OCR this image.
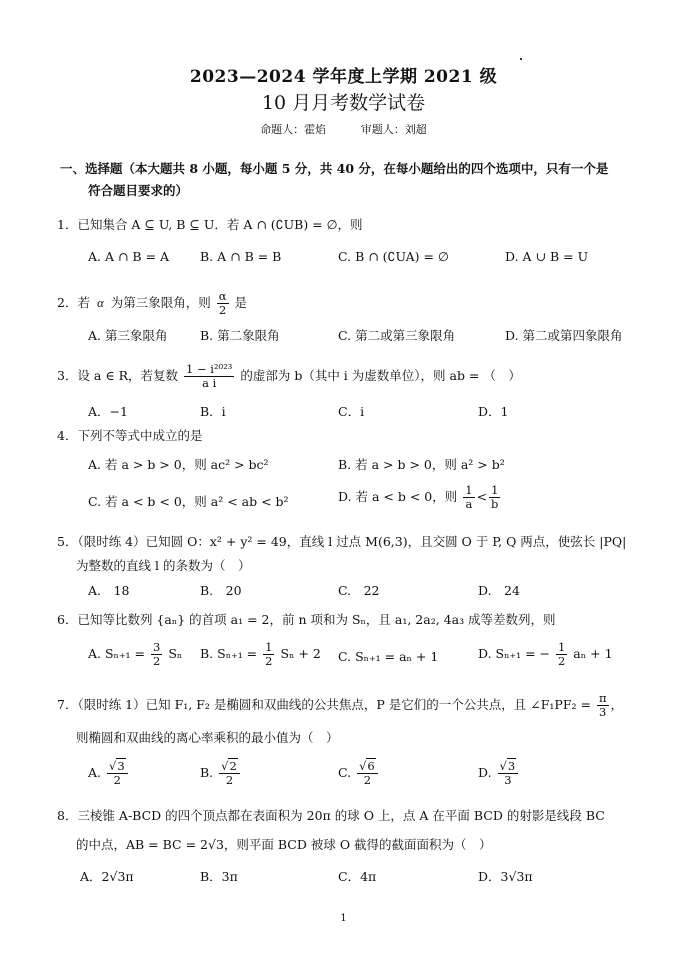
2023—2024 学年度上学期 2021 级
10 月月考数学试卷
命题人：霍焰	审题人：刘超
一、选择题（本大题共 8 小题，每小题 5 分，共 40 分，在每小题给出的四个选项中，只有一个是
符合题目要求的）
1．已知集合 A ⊆ U, B ⊆ U．若 A ∩ (∁UB) = ∅，则
A. A ∩ B = A B. A ∩ B = B	C. B ∩ (∁UA) = ∅	D. A ∪ B = U
2．若  α  为第三象限角，则 $\frac{\alpha}{2}$ 是
A. 第三象限角	B. 第二象限角	C. 第二或第三象限角	D. 第二或第四象限角
3．设 a ∈ R，若复数 $\frac{\text{1 − i²⁰²³}}{\text{a i}}$ 的虚部为 b（其中 i 为虚数单位），则 ab = （　）
A．−1	B．i	C．i	D．1
4．下列不等式中成立的是
A. 若 a > b > 0，则 ac² > bc²	B. 若 a > b > 0，则 a² > b²
C. 若 a < b < 0，则 a² < ab < b²	D. 若 a < b < 0，则 $\frac{1}{a} < \frac{1}{b}$
5．（限时练 4）已知圆 O：x² + y² = 49，直线 l 过点 M(6,3)，且交圆 O 于 P, Q 两点，使弦长 |PQ|
为整数的直线 l 的条数为（　）
A.　18	B.　20	C.　22	D.　24
6．已知等比数列 {aₙ} 的首项 a₁ = 2，前 n 项和为 Sₙ，且 a₁, 2a₂, 4a₃ 成等差数列，则
A. $S_{n+1} = \frac{3}{2}$ Sₙ B. $S_{n+1} = \frac{1}{2}$ Sₙ + 2 C. Sₙ₊₁ = aₙ + 1	D. Sₙ₊₁ = − $\frac{1}{2}$ aₙ + 1
7．（限时练 1）已知 F₁, F₂ 是椭圆和双曲线的公共焦点，P 是它们的一个公共点，且 ∠F₁PF₂ = $\frac{\pi}{3}$ ，
则椭圆和双曲线的离心率乘积的最小值为（　）
A. $\frac{√3}{2}$	B. $\frac{√2}{2}$	C. $\frac{√6}{2}$	D. $\frac{√3}{3}$
8．三棱锥 A-BCD 的四个顶点都在表面积为 20π 的球 O 上，点 A 在平面 BCD 的射影是线段 BC
的中点，AB = BC = 2√3，则平面 BCD 被球 O 截得的截面面积为（　）
A．2√3π	B．3π	C．4π	D．3√3π
1
